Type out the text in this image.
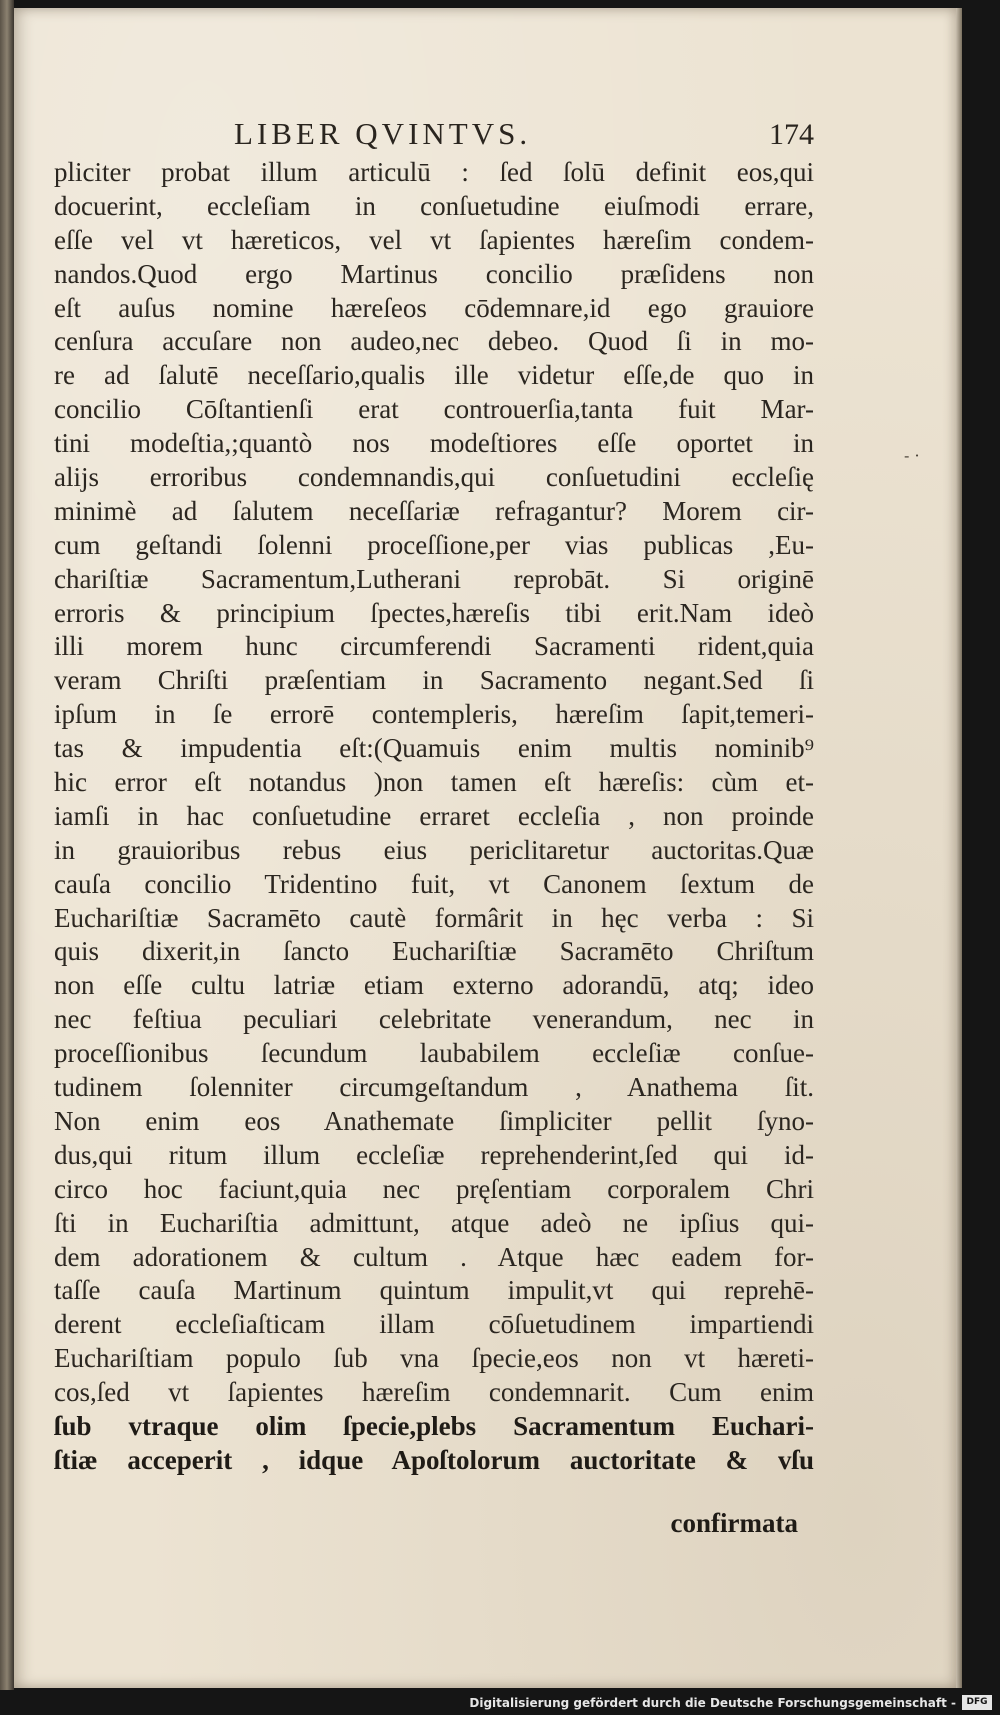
LIBER QVINTVS.	174
pliciter probat illum articulū : ſed ſolū definit eos,qui
docuerint, eccleſiam in conſuetudine eiuſmodi errare,
eſſe vel vt hæreticos, vel vt ſapientes hæreſim condem-
nandos.Quod ergo Martinus concilio præſidens non
eſt auſus nomine hæreſeos cōdemnare,id ego grauiore
cenſura accuſare non audeo,nec debeo. Quod ſi in mo-
re ad ſalutē neceſſario,qualis ille videtur eſſe,de quo in
concilio Cōſtantienſi erat controuerſia,tanta fuit Mar-
tini modeſtia,;quantò nos modeſtiores eſſe oportet in
alijs erroribus condemnandis,qui conſuetudini eccleſię
minimè ad ſalutem neceſſariæ refragantur? Morem cir-
cum geſtandi ſolenni proceſſione,per vias publicas ,Eu-
chariſtiæ Sacramentum,Lutherani reprobāt. Si originē
erroris & principium ſpectes,hæreſis tibi erit.Nam ideò
illi morem hunc circumferendi Sacramenti rident,quia
veram Chriſti præſentiam in Sacramento negant.Sed ſi
ipſum in ſe errorē contempleris, hæreſim ſapit,temeri-
tas & impudentia eſt:(Quamuis enim multis nominib⁹
hic error eſt notandus )non tamen eſt hæreſis: cùm et-
iamſi in hac conſuetudine erraret eccleſia , non proinde
in grauioribus rebus eius periclitaretur auctoritas.Quæ
cauſa concilio Tridentino fuit, vt Canonem ſextum de
Euchariſtiæ Sacramēto cautè formârit in hęc verba : Si
quis dixerit,in ſancto Euchariſtiæ Sacramēto Chriſtum
non eſſe cultu latriæ etiam externo adorandū, atq; ideo
nec feſtiua peculiari celebritate venerandum, nec in
proceſſionibus ſecundum laubabilem eccleſiæ conſue-
tudinem ſolenniter circumgeſtandum , Anathema ſit.
Non enim eos Anathemate ſimpliciter pellit ſyno-
dus,qui ritum illum eccleſiæ reprehenderint,ſed qui id-
circo hoc faciunt,quia nec pręſentiam corporalem Chri
ſti in Euchariſtia admittunt, atque adeò ne ipſius qui-
dem adorationem & cultum . Atque hæc eadem for-
taſſe cauſa Martinum quintum impulit,vt qui reprehē-
derent eccleſiaſticam illam cōſuetudinem impartiendi
Euchariſtiam populo ſub vna ſpecie,eos non vt hæreti-
cos,ſed vt ſapientes hæreſim condemnarit. Cum enim
ſub vtraque olim ſpecie,plebs Sacramentum Euchari-
ſtiæ acceperit , idque Apoſtolorum auctoritate & vſu
- ·
confirmata
Digitalisierung gefördert durch die Deutsche Forschungsgemeinschaft -	DFG
